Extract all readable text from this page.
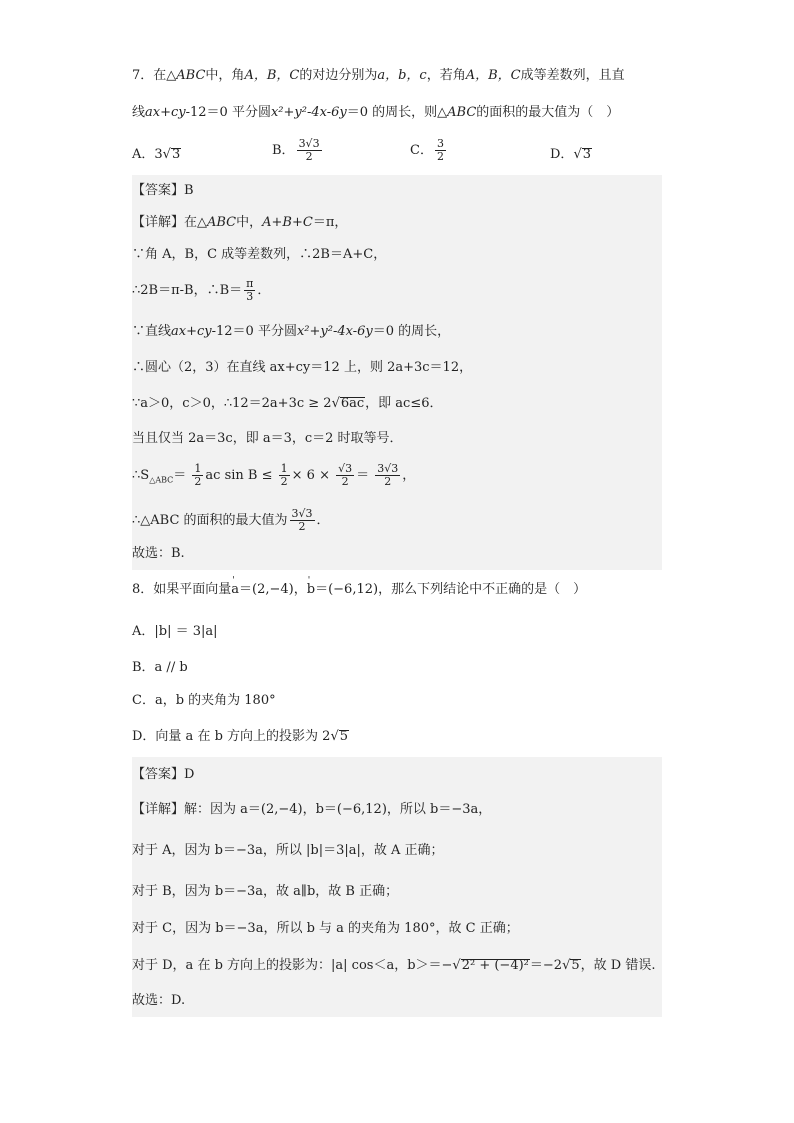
7．在△ABC中，角A，B，C的对边分别为a，b，c，若角A，B，C成等差数列，且直
线ax+cy-12＝0 平分圆x²+y²-4x-6y＝0 的周长，则△ABC的面积的最大值为（　）
A．3√3	B． $\frac{3√3}{2}$	C． $\frac{3}{2}$	D．√3
【答案】B
【详解】在△ABC中，A+B+C＝π，
∵角 A，B，C 成等差数列，∴2B＝A+C，
∴2B＝π-B，∴B＝ $\frac{\pi}{3}$ ．
∵直线ax+cy-12＝0 平分圆x²+y²-4x-6y＝0 的周长，
∴圆心（2，3）在直线 ax+cy＝12 上，则 2a+3c＝12，
∵a＞0，c＞0，∴12＝2a+3c ≥ 2√6ac，即 ac≤6．
当且仅当 2a＝3c，即 a＝3，c＝2 时取等号．
$\therefore S_{\triangle ABC}= \frac{1}{2}$ ac $\sin B \le \frac{1}{2} \times 6 \times \frac{√3}{2} = \frac{3√3}{2}$ ，
∴△ABC 的面积的最大值为 $\frac{3√3}{2}$ ．
故选：B.
8．如果平面向量' a＝(2,−4)，' b＝(−6,12)，那么下列结论中不正确的是（　）
A．|b| ＝ 3|a|
B．a // b
C．a，b 的夹角为 180°
D．向量 a 在 b 方向上的投影为 2√5
【答案】D
【详解】解：因为 a＝(2,−4)，b＝(−6,12)，所以 b＝−3a，
对于 A，因为 b＝−3a，所以 |b|＝3|a|，故 A 正确；
对于 B，因为 b＝−3a，故 a∥b，故 B 正确；
对于 C，因为 b＝−3a，所以 b 与 a 的夹角为 180°，故 C 正确；
对于 D，a 在 b 方向上的投影为：|a| cos＜a，b＞＝−√2² + (−4)²＝−2√5，故 D 错误.
故选：D.
